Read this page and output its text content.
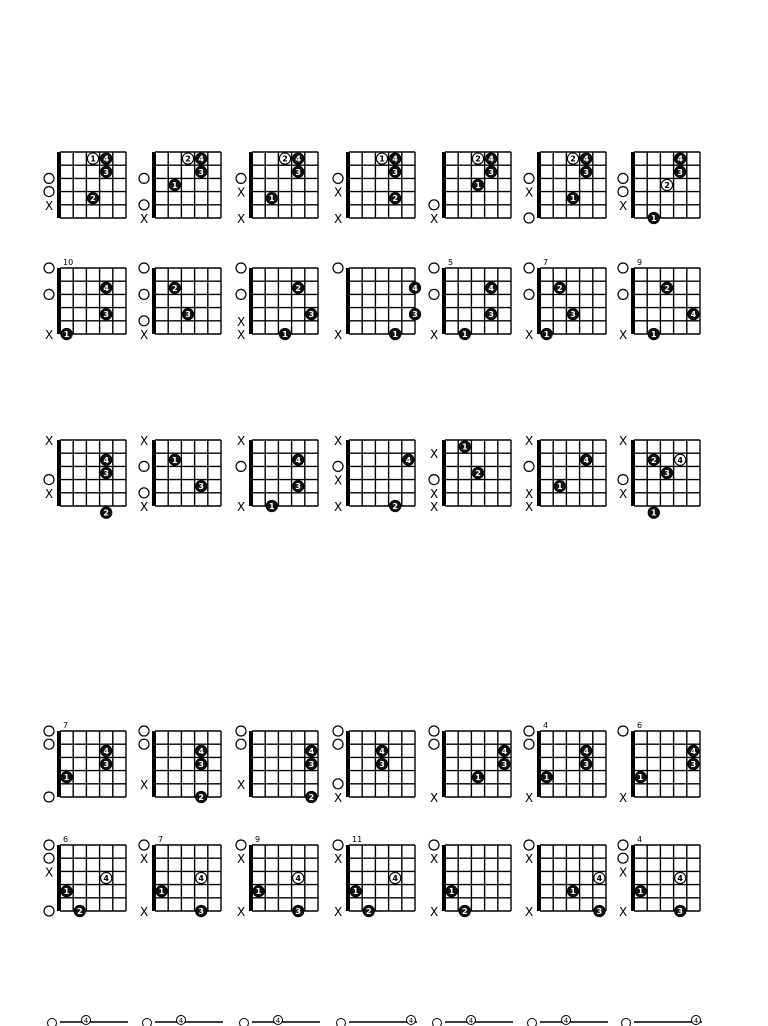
X
1 4
3
2
X
2 4
3
1
X
X
2 4
3
1	X
X
1 4
3
2
X
2 4
3
1
X
2 4
3
1
X
4
3
2
1
10
X
4
3
1	X
2
3
X
X
2
3
1	X
4
3
1
5
X
4
3
1
7
X
2
3
1
9
X
2
4
1
X
X
4
3
2
X
X
1
3
X
X
4
3
1
X
X
X
4
2
X
X
X
1
2
X
X
X
4
1
X
X
2	4
3
1
7
4
3
1
X
4
3
2
X
4
3
2 X
4
3
X
4
3
1
4
X
4
3
1
6
X
4
3
1
6
X	4
1
2
7
X
X
4
1
3
9
X
X
4
1
3
11
X
X
4
1
2
X
X
1
2
X
X
4
1
3
4
X
X
4
1
3
4	4	4	4	4	4	4
